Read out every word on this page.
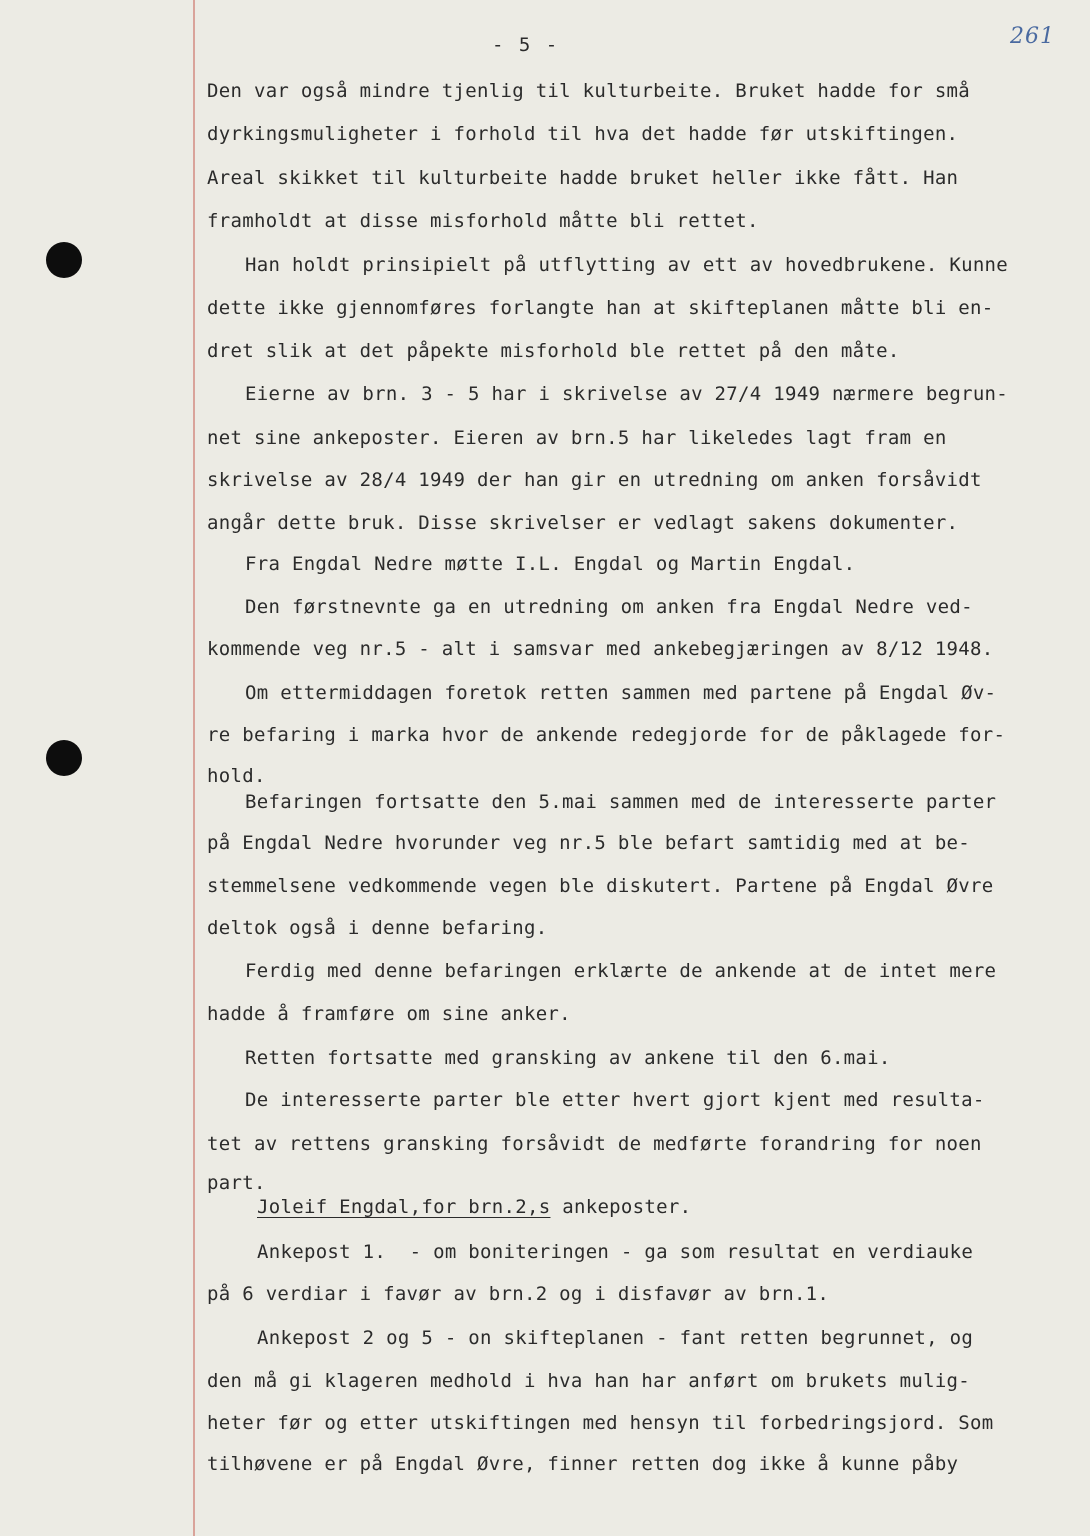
261
- 5 -
Den var også mindre tjenlig til kulturbeite. Bruket hadde for små
dyrkingsmuligheter i forhold til hva det hadde før utskiftingen.
Areal skikket til kulturbeite hadde bruket heller ikke fått. Han
framholdt at disse misforhold måtte bli rettet.
Han holdt prinsipielt på utflytting av ett av hovedbrukene. Kunne
dette ikke gjennomføres forlangte han at skifteplanen måtte bli en-
dret slik at det påpekte misforhold ble rettet på den måte.
Eierne av brn. 3 - 5 har i skrivelse av 27/4 1949 nærmere begrun-
net sine ankeposter. Eieren av brn.5 har likeledes lagt fram en
skrivelse av 28/4 1949 der han gir en utredning om anken forsåvidt
angår dette bruk. Disse skrivelser er vedlagt sakens dokumenter.
Fra Engdal Nedre møtte I.L. Engdal og Martin Engdal.
Den førstnevnte ga en utredning om anken fra Engdal Nedre ved-
kommende veg nr.5 - alt i samsvar med ankebegjæringen av 8/12 1948.
Om ettermiddagen foretok retten sammen med partene på Engdal Øv-
re befaring i marka hvor de ankende redegjorde for de påklagede for-
hold.
Befaringen fortsatte den 5.mai sammen med de interesserte parter
på Engdal Nedre hvorunder veg nr.5 ble befart samtidig med at be-
stemmelsene vedkommende vegen ble diskutert. Partene på Engdal Øvre
deltok også i denne befaring.
Ferdig med denne befaringen erklærte de ankende at de intet mere
hadde å framføre om sine anker.
Retten fortsatte med gransking av ankene til den 6.mai.
De interesserte parter ble etter hvert gjort kjent med resulta-
tet av rettens gransking forsåvidt de medførte forandring for noen
part.
Joleif Engdal,for brn.2,s ankeposter.
Ankepost 1.  - om boniteringen - ga som resultat en verdiauke
på 6 verdiar i favør av brn.2 og i disfavør av brn.1.
Ankepost 2 og 5 - on skifteplanen - fant retten begrunnet, og
den må gi klageren medhold i hva han har anført om brukets mulig-
heter før og etter utskiftingen med hensyn til forbedringsjord. Som
tilhøvene er på Engdal Øvre, finner retten dog ikke å kunne påby
